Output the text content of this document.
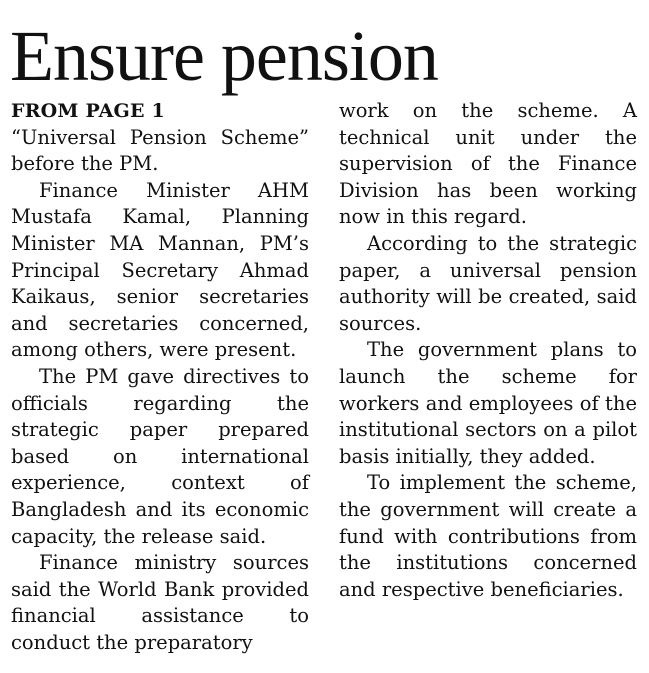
Ensure pension
FROM PAGE 1

“Universal Pension Scheme” before the PM.

Finance Minister AHM Mustafa Kamal, Planning Minister MA Mannan, PM’s Principal Secretary Ahmad Kaikaus, senior secretaries and secretaries concerned, among others, were present.

The PM gave directives to officials regarding the strategic paper prepared based on international experience, context of Bangladesh and its economic capacity, the release said.

Finance ministry sources said the World Bank provided financial assistance to conduct the preparatory

work on the scheme. A technical unit under the supervision of the Finance Division has been working now in this regard.

According to the strategic paper, a universal pension authority will be created, said sources.

The government plans to launch the scheme for workers and employees of the institutional sectors on a pilot basis initially, they added.

To implement the scheme, the government will create a fund with contributions from the institutions concerned and respective beneficiaries.
